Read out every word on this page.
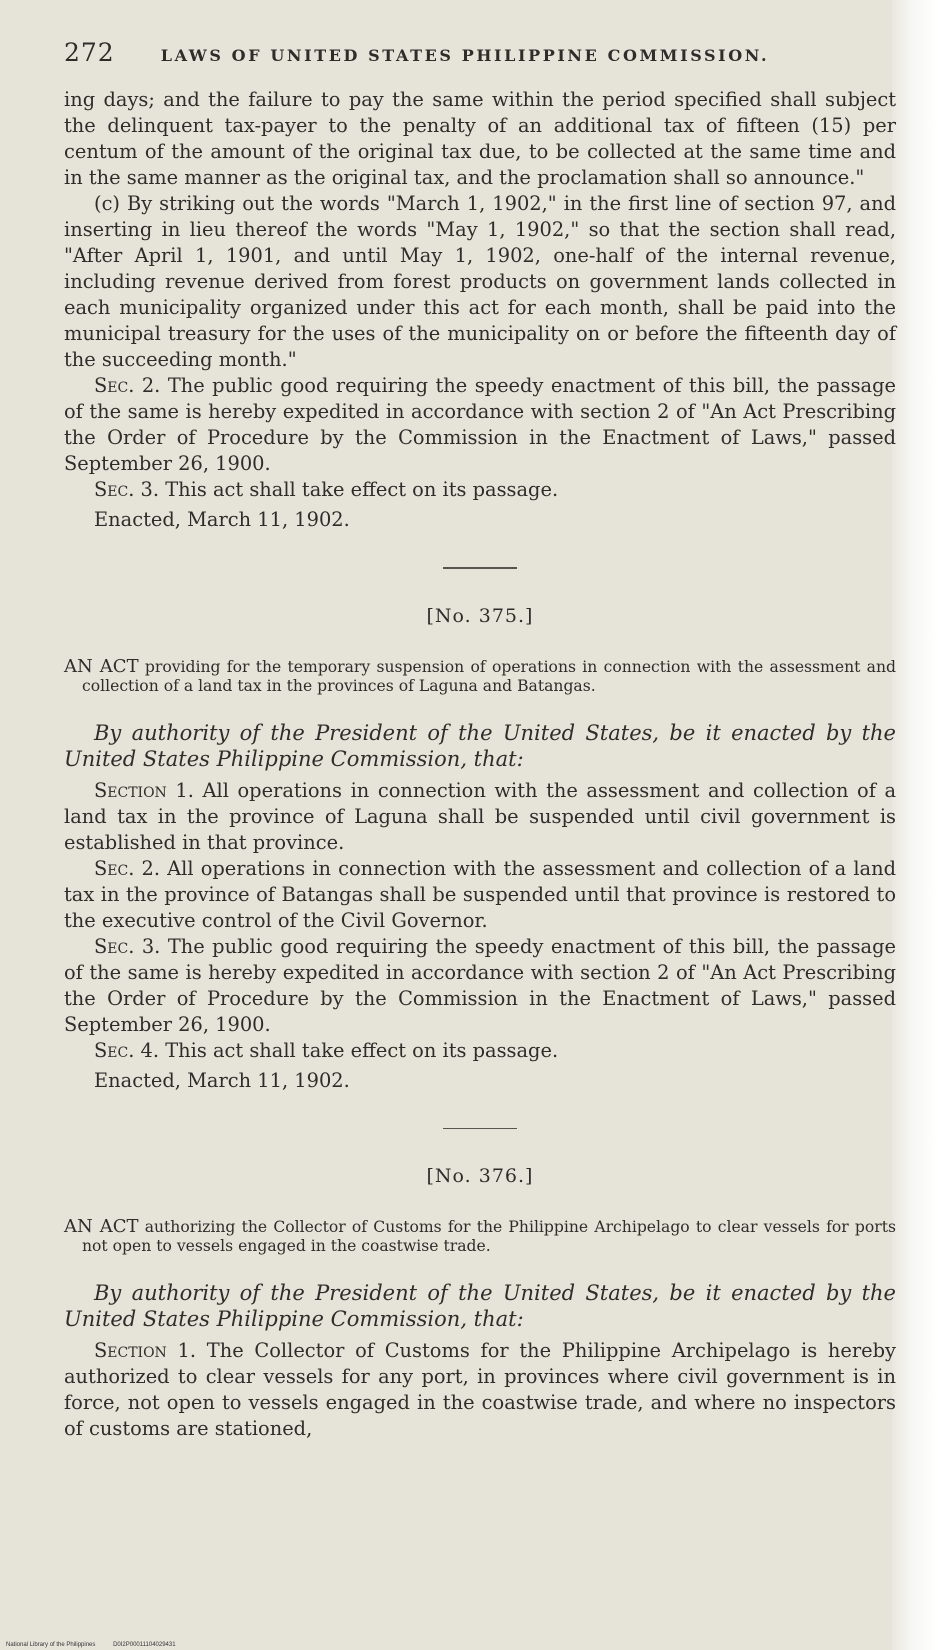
272	LAWS OF UNITED STATES PHILIPPINE COMMISSION.

ing days; and the failure to pay the same within the period specified shall subject the delinquent tax-payer to the penalty of an additional tax of fifteen (15) per centum of the amount of the original tax due, to be collected at the same time and in the same manner as the original tax, and the proclamation shall so announce."

(c) By striking out the words "March 1, 1902," in the first line of section 97, and inserting in lieu thereof the words "May 1, 1902," so that the section shall read, "After April 1, 1901, and until May 1, 1902, one-half of the internal revenue, including revenue derived from forest products on government lands collected in each municipality organized under this act for each month, shall be paid into the municipal treasury for the uses of the municipality on or before the fifteenth day of the succeeding month."

Sec. 2. The public good requiring the speedy enactment of this bill, the passage of the same is hereby expedited in accordance with section 2 of "An Act Prescribing the Order of Procedure by the Commission in the Enactment of Laws," passed September 26, 1900.

Sec. 3. This act shall take effect on its passage.

Enacted, March 11, 1902.
[No. 375.]

AN ACT providing for the temporary suspension of operations in connection with the assessment and collection of a land tax in the provinces of Laguna and Batangas.

By authority of the President of the United States, be it enacted by the United States Philippine Commission, that:

Section 1. All operations in connection with the assessment and collection of a land tax in the province of Laguna shall be suspended until civil government is established in that province.

Sec. 2. All operations in connection with the assessment and collection of a land tax in the province of Batangas shall be suspended until that province is restored to the executive control of the Civil Governor.

Sec. 3. The public good requiring the speedy enactment of this bill, the passage of the same is hereby expedited in accordance with section 2 of "An Act Prescribing the Order of Procedure by the Commission in the Enactment of Laws," passed September 26, 1900.

Sec. 4. This act shall take effect on its passage.

Enacted, March 11, 1902.
[No. 376.]

AN ACT authorizing the Collector of Customs for the Philippine Archipelago to clear vessels for ports not open to vessels engaged in the coastwise trade.

By authority of the President of the United States, be it enacted by the United States Philippine Commission, that:

Section 1. The Collector of Customs for the Philippine Archipelago is hereby authorized to clear vessels for any port, in provinces where civil government is in force, not open to vessels engaged in the coastwise trade, and where no inspectors of customs are stationed,

National Library of the Philippines	D0I2P00011104029431
